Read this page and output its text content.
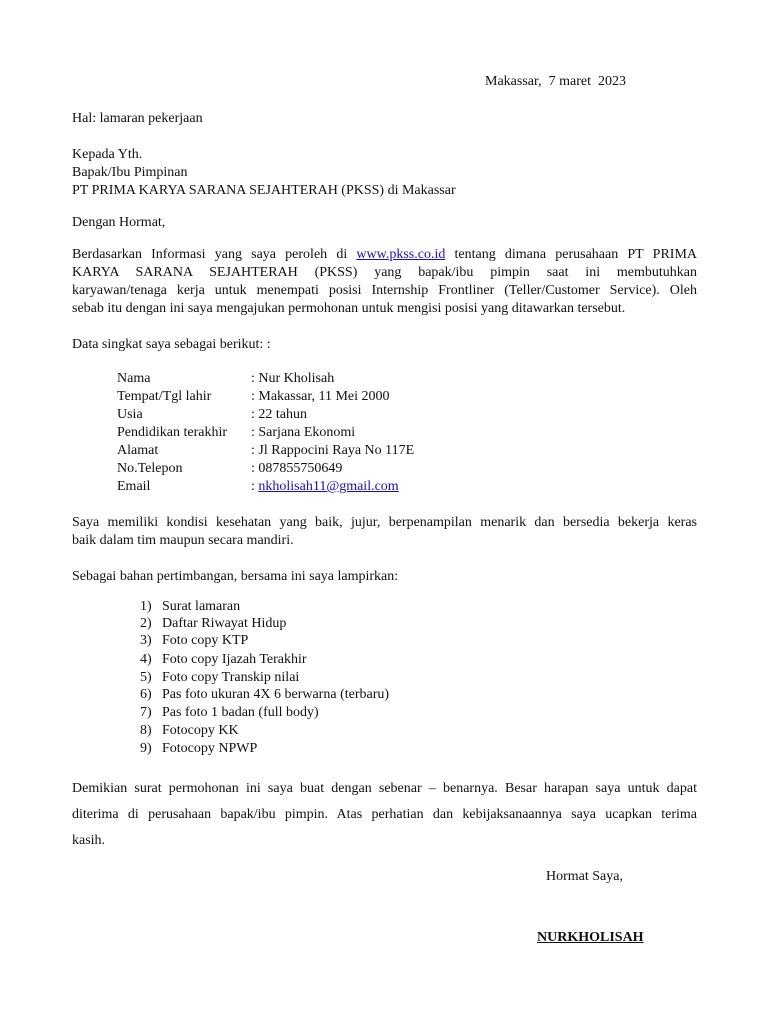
Makassar,  7 maret  2023
Hal: lamaran pekerjaan
Kepada Yth.
Bapak/Ibu Pimpinan
PT PRIMA KARYA SARANA SEJAHTERAH (PKSS) di Makassar
Dengan Hormat,
Berdasarkan Informasi yang saya peroleh di www.pkss.co.id tentang dimana perusahaan PT PRIMA
KARYA SARANA SEJAHTERAH (PKSS) yang bapak/ibu pimpin saat ini membutuhkan
karyawan/tenaga kerja untuk menempati posisi Internship Frontliner (Teller/Customer Service). Oleh
sebab itu dengan ini saya mengajukan permohonan untuk mengisi posisi yang ditawarkan tersebut.
Data singkat saya sebagai berikut: :
Nama	: Nur Kholisah
Tempat/Tgl lahir	: Makassar, 11 Mei 2000
Usia	: 22 tahun
Pendidikan terakhir : Sarjana Ekonomi
Alamat	: Jl Rappocini Raya No 117E
No.Telepon	: 087855750649
Email	: nkholisah11@gmail.com
Saya memiliki kondisi kesehatan yang baik, jujur, berpenampilan menarik dan bersedia bekerja keras
baik dalam tim maupun secara mandiri.
Sebagai bahan pertimbangan, bersama ini saya lampirkan:
1) Surat lamaran
2) Daftar Riwayat Hidup
3) Foto copy KTP
4) Foto copy Ijazah Terakhir
5) Foto copy Transkip nilai
6) Pas foto ukuran 4X 6 berwarna (terbaru)
7) Pas foto 1 badan (full body)
8) Fotocopy KK
9) Fotocopy NPWP
Demikian surat permohonan ini saya buat dengan sebenar – benarnya. Besar harapan saya untuk dapat
diterima di perusahaan bapak/ibu pimpin. Atas perhatian dan kebijaksanaannya saya ucapkan terima
kasih.
Hormat Saya,
NURKHOLISAH
